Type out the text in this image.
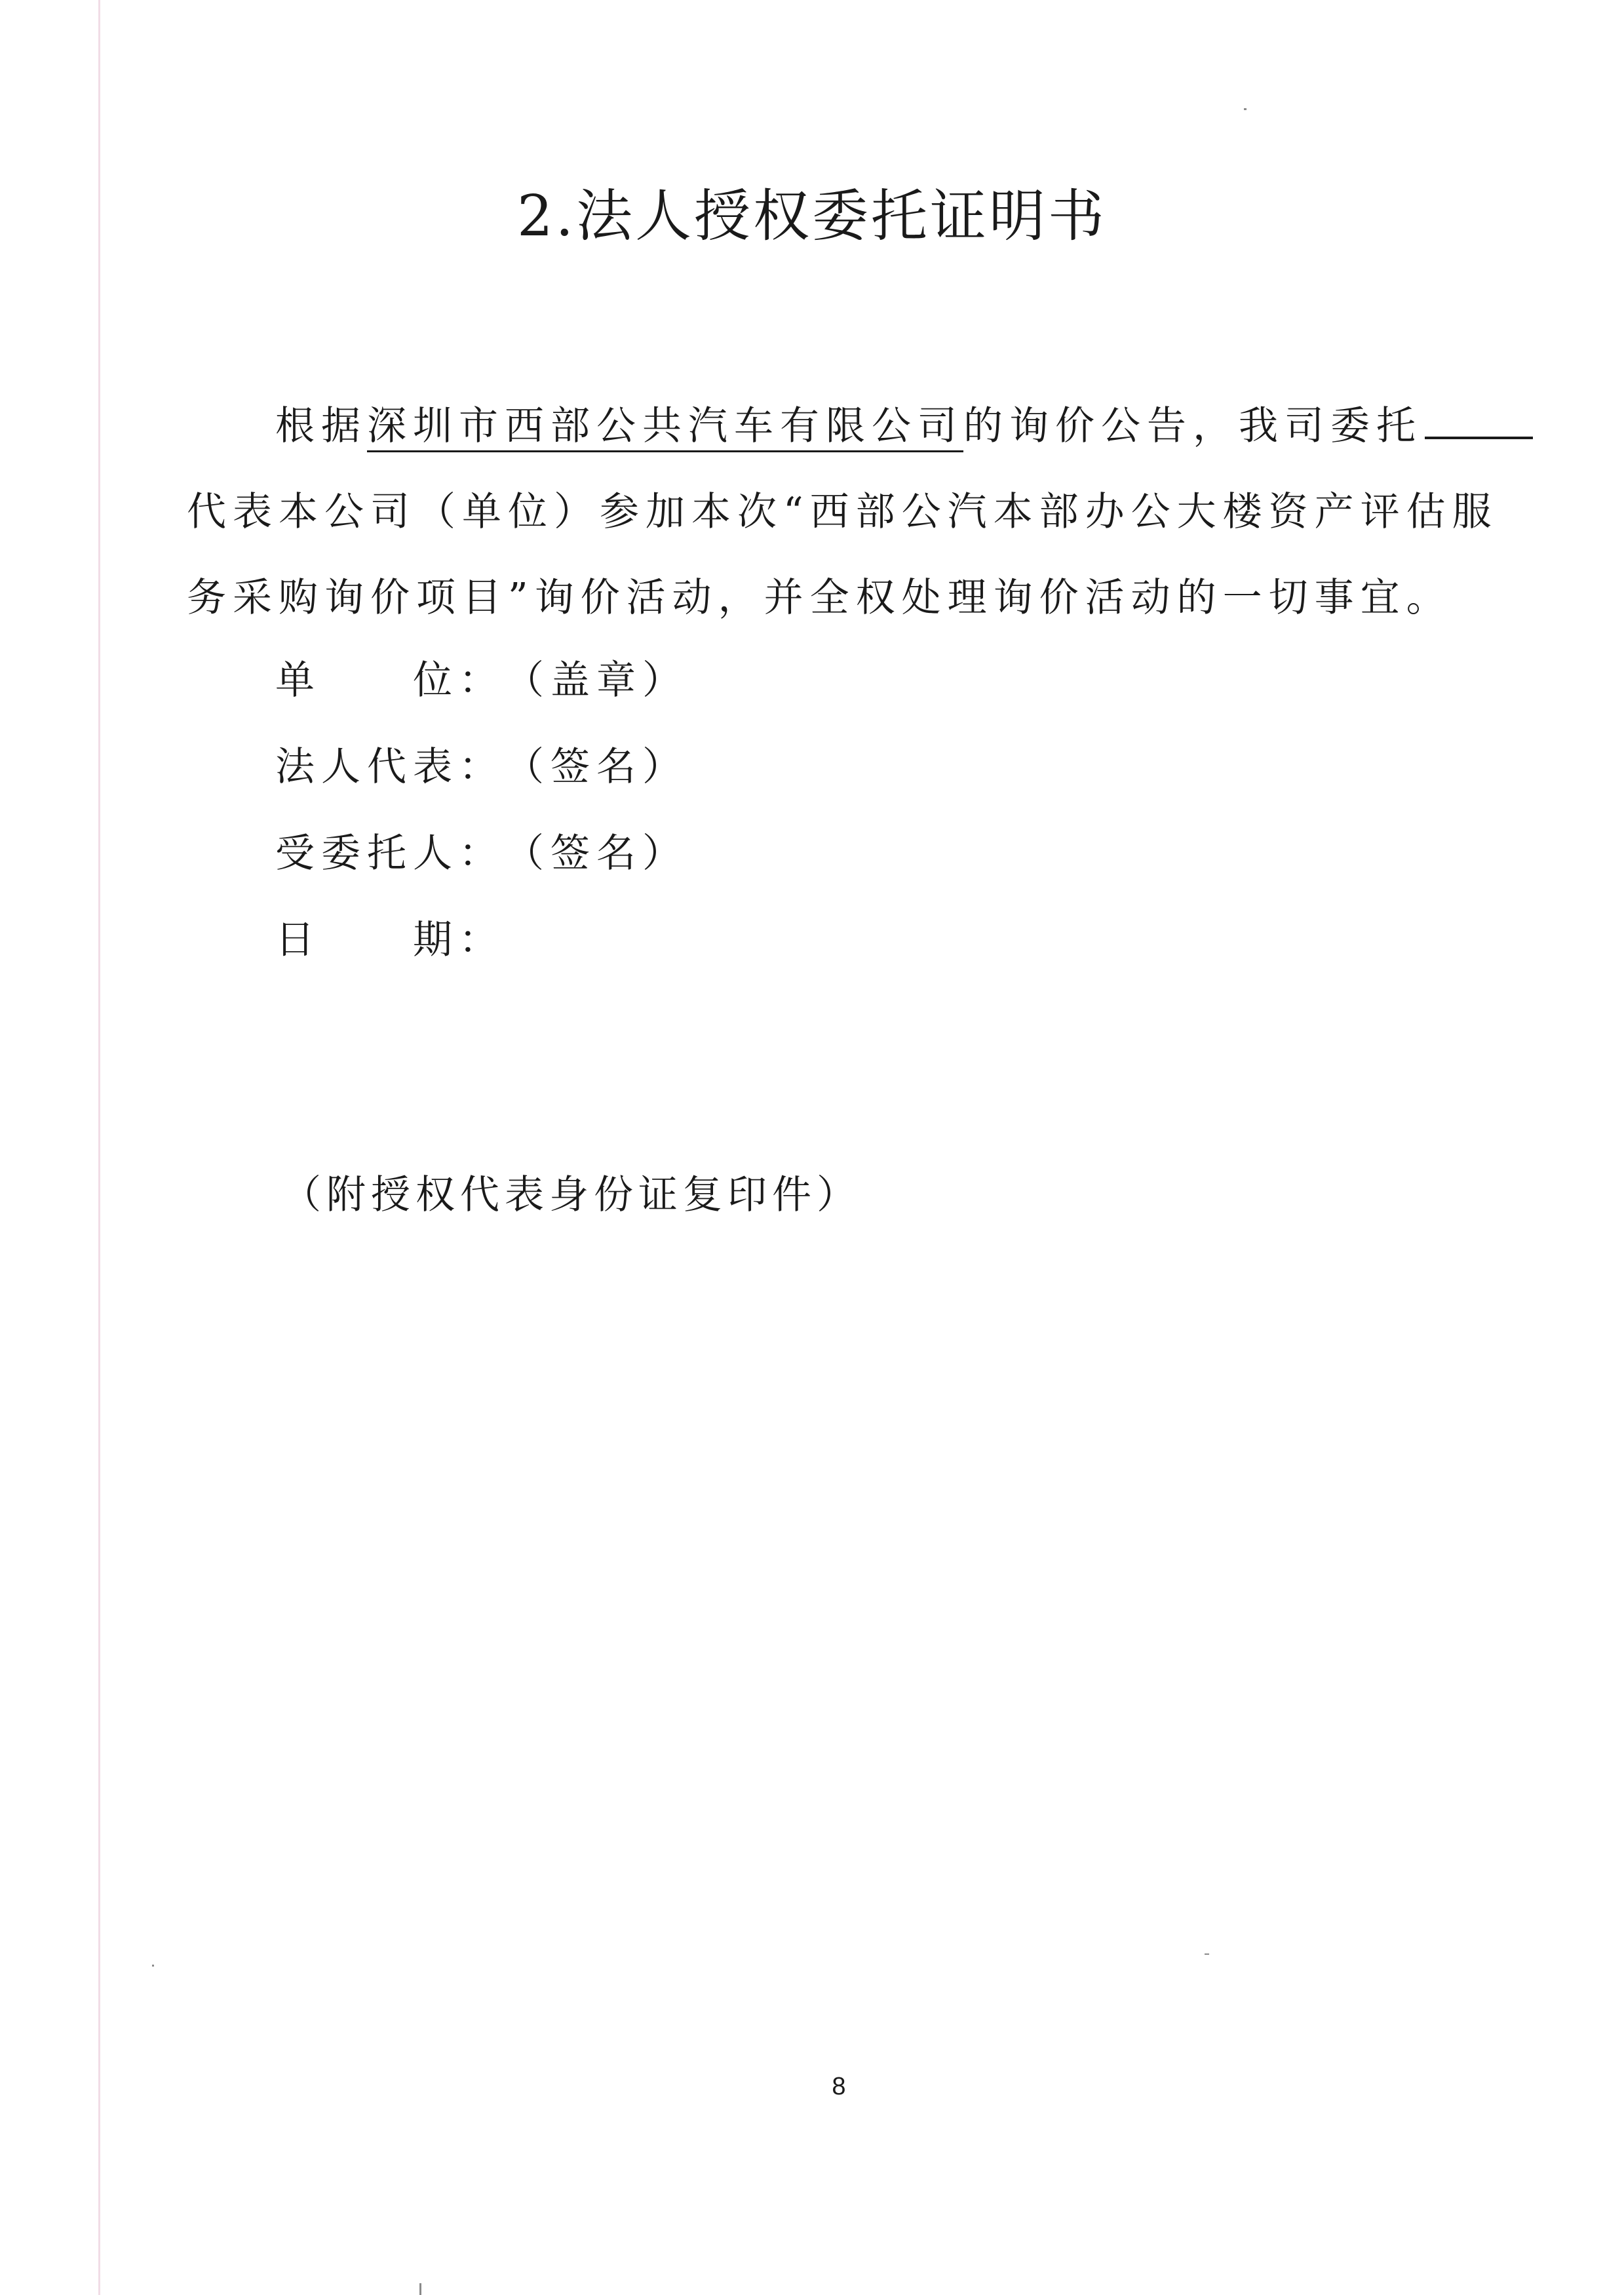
2.法人授权委托证明书
根据深圳市西部公共汽车有限公司的询价公告，我司委托
代表本公司（单位）参加本次“西部公汽本部办公大楼资产评估服
务采购询价项目”询价活动，并全权处理询价活动的一切事宜。
单　　位：（盖章）
法人代表：（签名）
受委托人：（签名）
日　　期：
（附授权代表身份证复印件）
8
